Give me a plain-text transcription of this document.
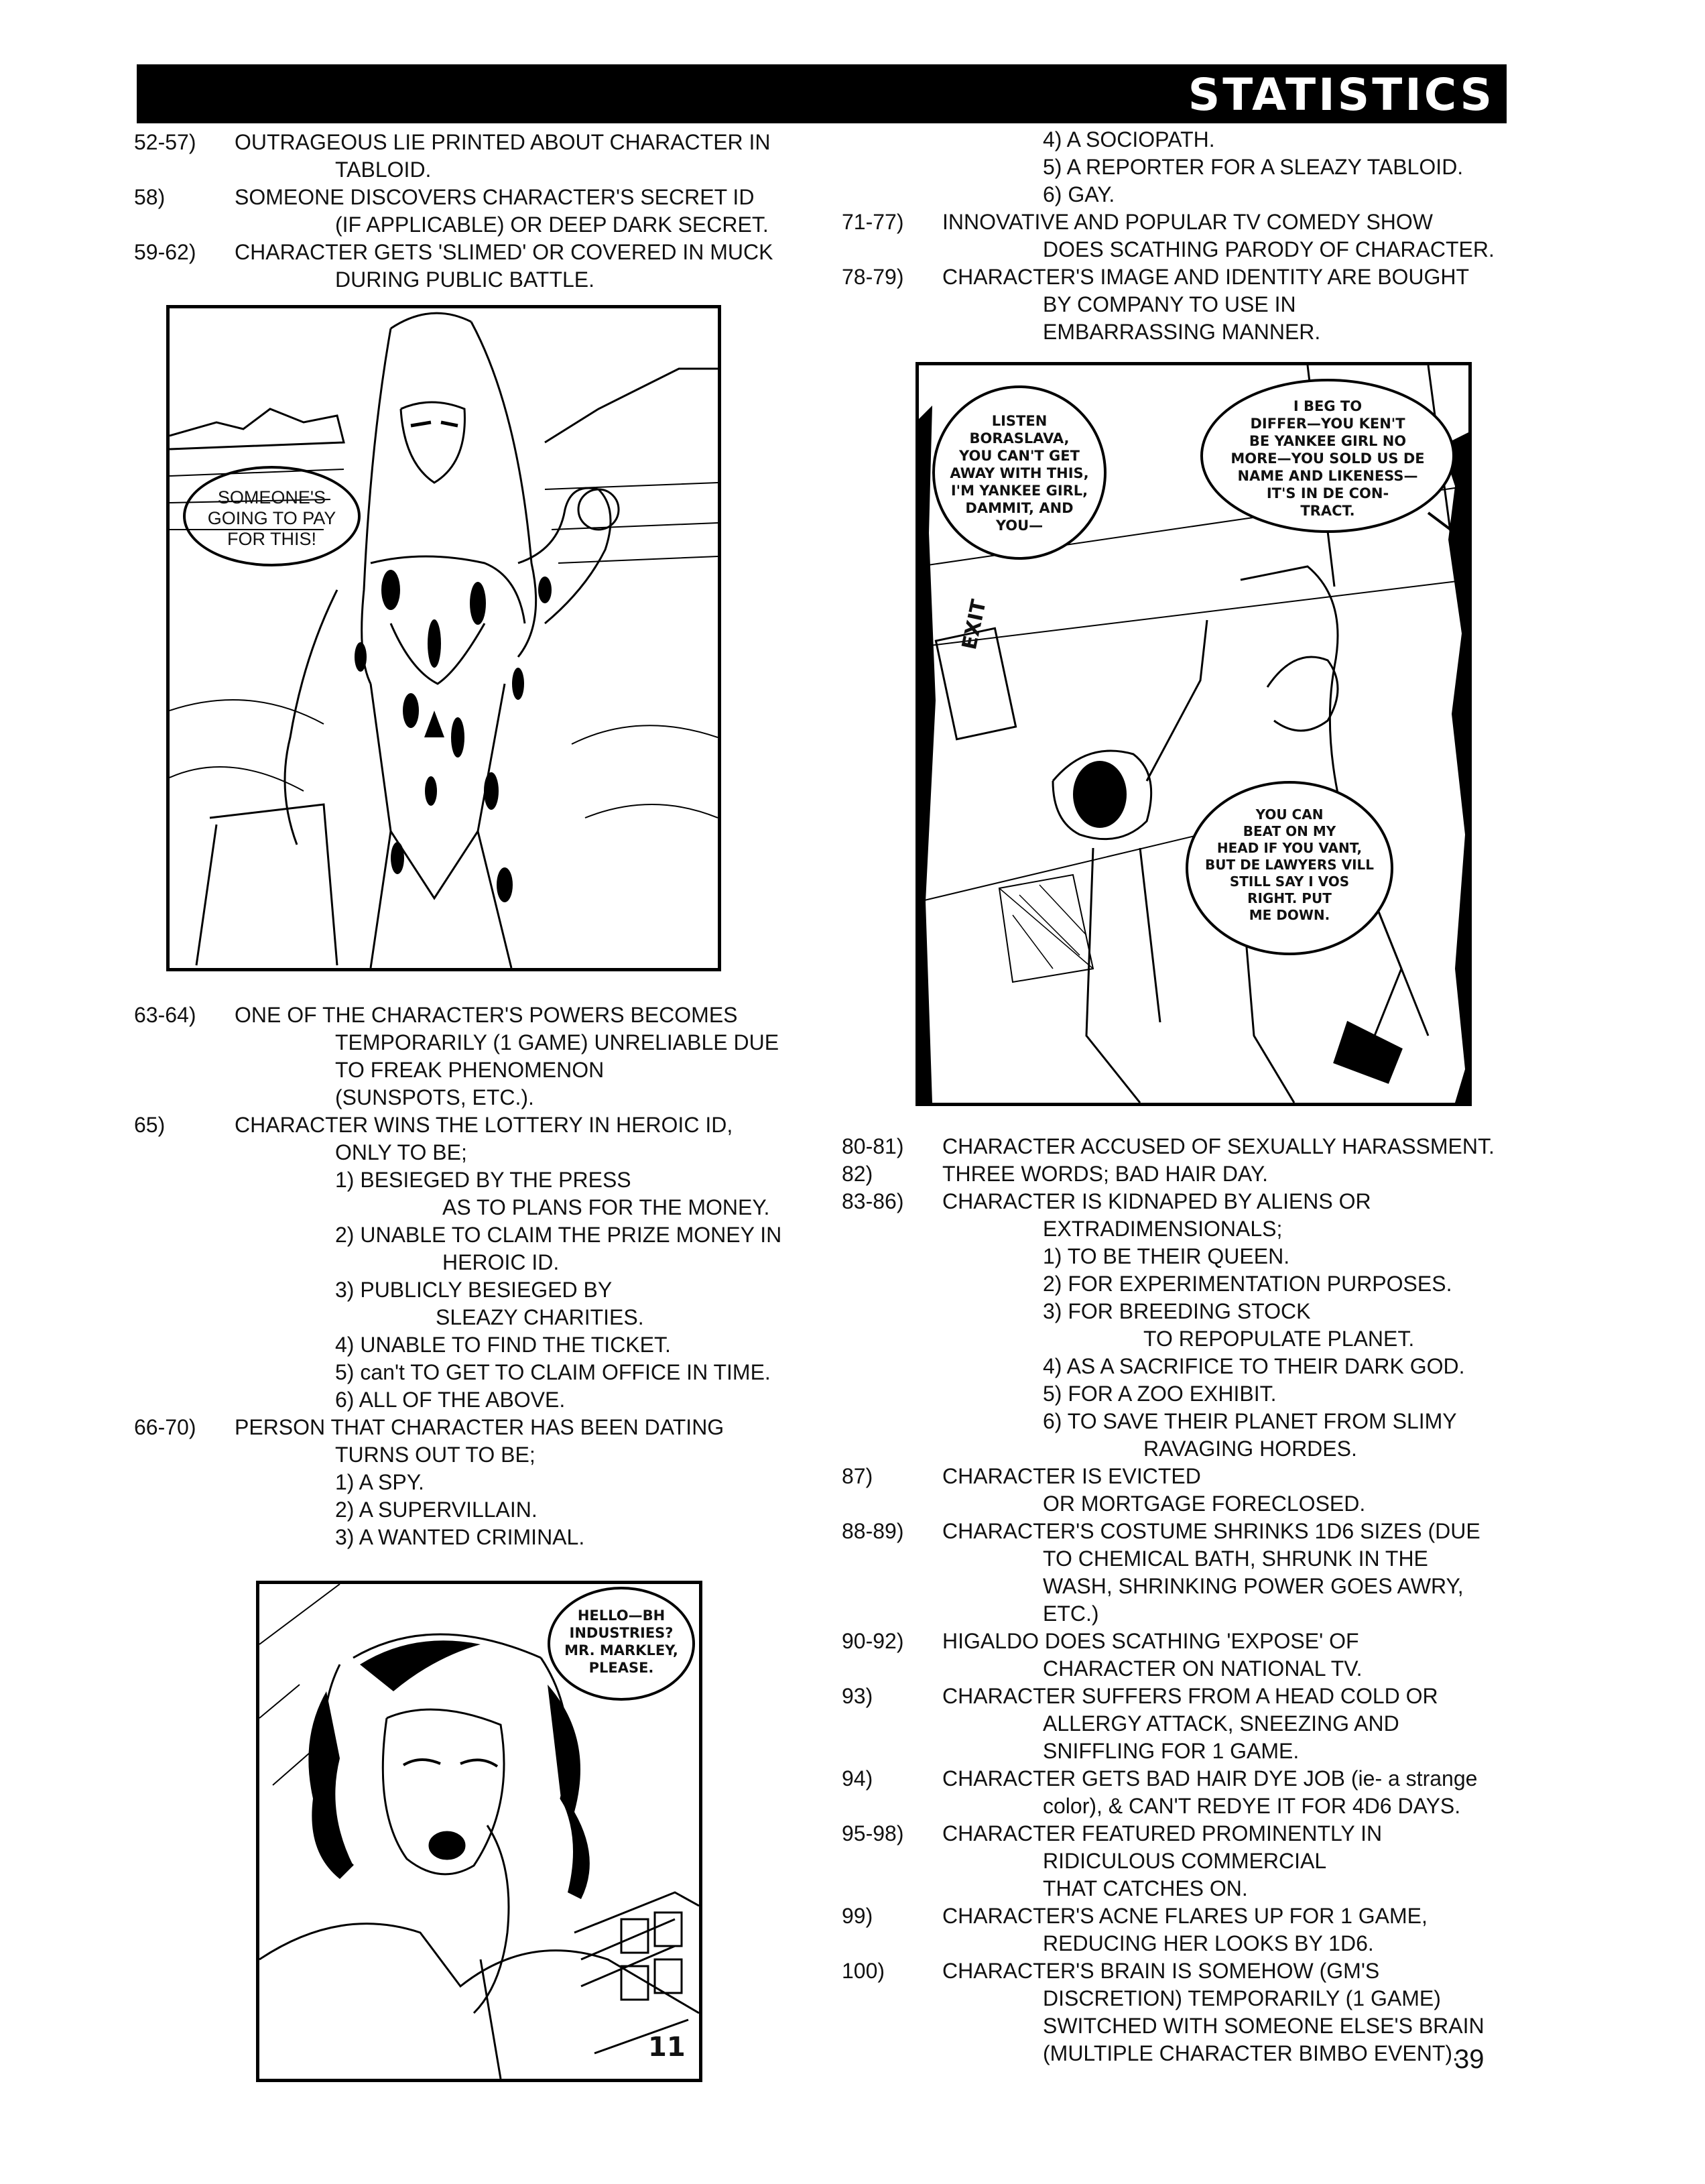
STATISTICS
52-57) OUTRAGEOUS LIE PRINTED ABOUT CHARACTER IN
TABLOID.
58)	SOMEONE DISCOVERS CHARACTER'S SECRET ID
(IF APPLICABLE) OR DEEP DARK SECRET.
59-62) CHARACTER GETS 'SLIMED' OR COVERED IN MUCK
DURING PUBLIC BATTLE.
63-64) ONE OF THE CHARACTER'S POWERS BECOMES
TEMPORARILY (1 GAME) UNRELIABLE DUE
TO FREAK PHENOMENON
(SUNSPOTS, ETC.).
65)	CHARACTER WINS THE LOTTERY IN HEROIC ID,
ONLY TO BE;
1) BESIEGED BY THE PRESS
AS TO PLANS FOR THE MONEY.
2) UNABLE TO CLAIM THE PRIZE MONEY IN
HEROIC ID.
3) PUBLICLY BESIEGED BY
SLEAZY CHARITIES.
4) UNABLE TO FIND THE TICKET.
5) can't TO GET TO CLAIM OFFICE IN TIME.
6) ALL OF THE ABOVE.
66-70) PERSON THAT CHARACTER HAS BEEN DATING
TURNS OUT TO BE;
1) A SPY.
2) A SUPERVILLAIN.
3) A WANTED CRIMINAL.
4) A SOCIOPATH.
5) A REPORTER FOR A SLEAZY TABLOID.
6) GAY.
71-77) INNOVATIVE AND POPULAR TV COMEDY SHOW
DOES SCATHING PARODY OF CHARACTER.
78-79) CHARACTER'S IMAGE AND IDENTITY ARE BOUGHT
BY COMPANY TO USE IN
EMBARRASSING MANNER.
80-81) CHARACTER ACCUSED OF SEXUALLY HARASSMENT.
82)	THREE WORDS; BAD HAIR DAY.
83-86) CHARACTER IS KIDNAPED BY ALIENS OR
EXTRADIMENSIONALS;
1) TO BE THEIR QUEEN.
2) FOR EXPERIMENTATION PURPOSES.
3) FOR BREEDING STOCK
TO REPOPULATE PLANET.
4) AS A SACRIFICE TO THEIR DARK GOD.
5) FOR A ZOO EXHIBIT.
6) TO SAVE THEIR PLANET FROM SLIMY
RAVAGING HORDES.
87)	CHARACTER IS EVICTED
OR MORTGAGE FORECLOSED.
88-89) CHARACTER'S COSTUME SHRINKS 1D6 SIZES (DUE
TO CHEMICAL BATH, SHRUNK IN THE
WASH, SHRINKING POWER GOES AWRY,
ETC.)
90-92) HIGALDO DOES SCATHING 'EXPOSE' OF
CHARACTER ON NATIONAL TV.
93)	CHARACTER SUFFERS FROM A HEAD COLD OR
ALLERGY ATTACK, SNEEZING AND
SNIFFLING FOR 1 GAME.
94)	CHARACTER GETS BAD HAIR DYE JOB (ie- a strange
color), & CAN'T REDYE IT FOR 4D6 DAYS.
95-98) CHARACTER FEATURED PROMINENTLY IN
RIDICULOUS COMMERCIAL
THAT CATCHES ON.
99)	CHARACTER'S ACNE FLARES UP FOR 1 GAME,
REDUCING HER LOOKS BY 1D6.
100)	CHARACTER'S BRAIN IS SOMEHOW (GM'S
DISCRETION) TEMPORARILY (1 GAME)
SWITCHED WITH SOMEONE ELSE'S BRAIN
(MULTIPLE CHARACTER BIMBO EVENT).
SOMEONE'S
GOING TO PAY
FOR THIS!
EXIT
LISTEN
BORASLAVA,
YOU CAN'T GET
AWAY WITH THIS,
I'M YANKEE GIRL,
DAMMIT, AND
YOU—
I BEG TO
DIFFER—YOU KEN'T
BE YANKEE GIRL NO
MORE—YOU SOLD US DE
NAME AND LIKENESS—
IT'S IN DE CON-
TRACT.
YOU CAN
BEAT ON MY
HEAD IF YOU VANT,
BUT DE LAWYERS VILL
STILL SAY I VOS
RIGHT. PUT
ME DOWN.
HELLO—BH
INDUSTRIES?
MR. MARKLEY,
PLEASE.
11	39
